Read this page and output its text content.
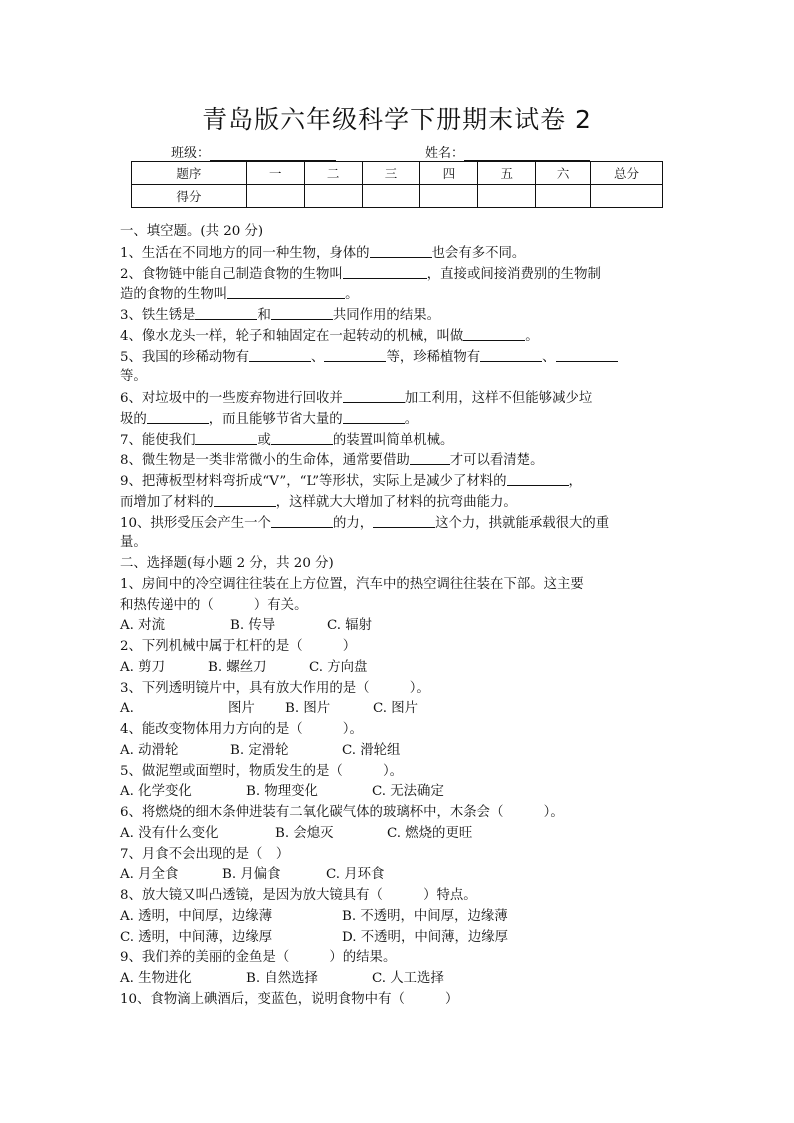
青岛版六年级科学下册期末试卷 2
班级：	姓名：
题序	一	二	三	四	五	六	总分
得分							
一、填空题。(共 20 分)
1、生活在不同地方的同一种生物，身体的	也会有多不同。
2、食物链中能自己制造食物的生物叫	，直接或间接消费别的生物制
造的食物的生物叫	。
3、铁生锈是	和	共同作用的结果。
4、像水龙头一样，轮子和轴固定在一起转动的机械，叫做	。
5、我国的珍稀动物有	、	等，珍稀植物有	、
等。
6、对垃圾中的一些废弃物进行回收并	加工利用，这样不但能够减少垃
圾的	，而且能够节省大量的	。
7、能使我们	或	的装置叫简单机械。
8、微生物是一类非常微小的生命体，通常要借助	才可以看清楚。
9、把薄板型材料弯折成“V”，“L”等形状，实际上是减少了材料的	，
而增加了材料的	，这样就大大增加了材料的抗弯曲能力。
10、拱形受压会产生一个	的力，	这个力，拱就能承载很大的重
量。
二、选择题(每小题 2 分，共 20 分)
1、房间中的冷空调往往装在上方位置，汽车中的热空调往往装在下部。这主要
和热传递中的（　　　）有关。
A. 对流	B. 传导	C. 辐射
2、下列机械中属于杠杆的是（　　　）
A. 剪刀	B. 螺丝刀	C. 方向盘
3、下列透明镜片中，具有放大作用的是（　　　）。
A.	图片 B. 图片	C. 图片
4、能改变物体用力方向的是（　　　）。
A. 动滑轮	B. 定滑轮	C. 滑轮组
5、做泥塑或面塑时，物质发生的是（　　　）。
A. 化学变化	B. 物理变化	C. 无法确定
6、将燃烧的细木条伸进装有二氧化碳气体的玻璃杯中，木条会（　　　）。
A. 没有什么变化	B. 会熄灭	C. 燃烧的更旺
7、月食不会出现的是（　）
A. 月全食	B. 月偏食	C. 月环食
8、放大镜又叫凸透镜，是因为放大镜具有（　　　）特点。
A. 透明，中间厚，边缘薄	B. 不透明，中间厚，边缘薄
C. 透明，中间薄，边缘厚	D. 不透明，中间薄，边缘厚
9、我们养的美丽的金鱼是（　　　）的结果。
A. 生物进化	B. 自然选择	C. 人工选择
10、食物滴上碘酒后，变蓝色，说明食物中有（　　　）
